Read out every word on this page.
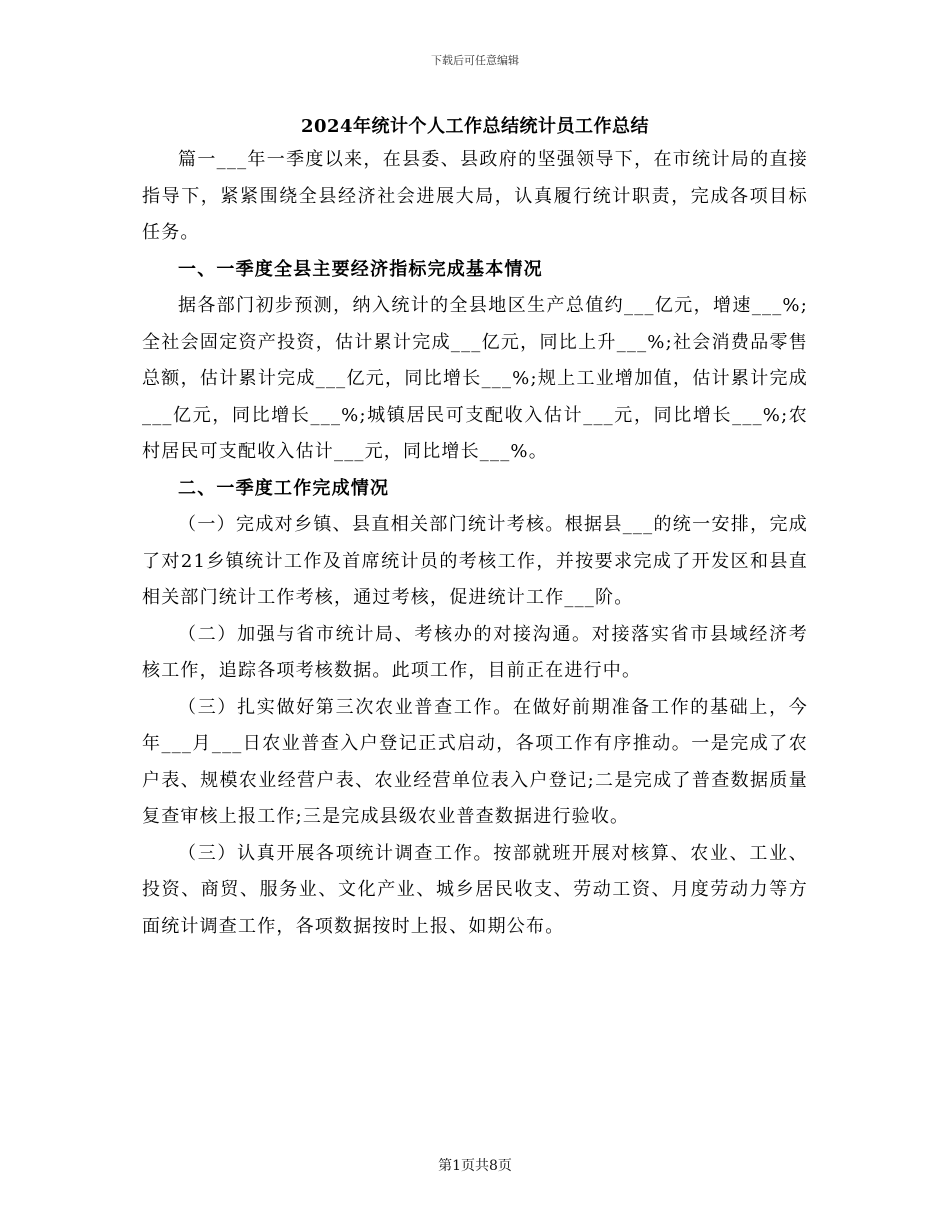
下载后可任意编辑
2024年统计个人工作总结统计员工作总结

篇一___年一季度以来，在县委、县政府的坚强领导下，在市统计局的直接指导下，紧紧围绕全县经济社会进展大局，认真履行统计职责，完成各项目标任务。

一、一季度全县主要经济指标完成基本情况

据各部门初步预测，纳入统计的全县地区生产总值约___亿元，增速___%;全社会固定资产投资，估计累计完成___亿元，同比上升___%;社会消费品零售总额，估计累计完成___亿元，同比增长___%;规上工业增加值，估计累计完成___亿元，同比增长___%;城镇居民可支配收入估计___元，同比增长___%;农村居民可支配收入估计___元，同比增长___%。

二、一季度工作完成情况

（一）完成对乡镇、县直相关部门统计考核。根据县___的统一安排，完成了对21乡镇统计工作及首席统计员的考核工作，并按要求完成了开发区和县直相关部门统计工作考核，通过考核，促进统计工作___阶。

（二）加强与省市统计局、考核办的对接沟通。对接落实省市县域经济考核工作，追踪各项考核数据。此项工作，目前正在进行中。

（三）扎实做好第三次农业普查工作。在做好前期准备工作的基础上，今年___月___日农业普查入户登记正式启动，各项工作有序推动。一是完成了农户表、规模农业经营户表、农业经营单位表入户登记;二是完成了普查数据质量复查审核上报工作;三是完成县级农业普查数据进行验收。

（三）认真开展各项统计调查工作。按部就班开展对核算、农业、工业、投资、商贸、服务业、文化产业、城乡居民收支、劳动工资、月度劳动力等方面统计调查工作，各项数据按时上报、如期公布。

第1页共8页
